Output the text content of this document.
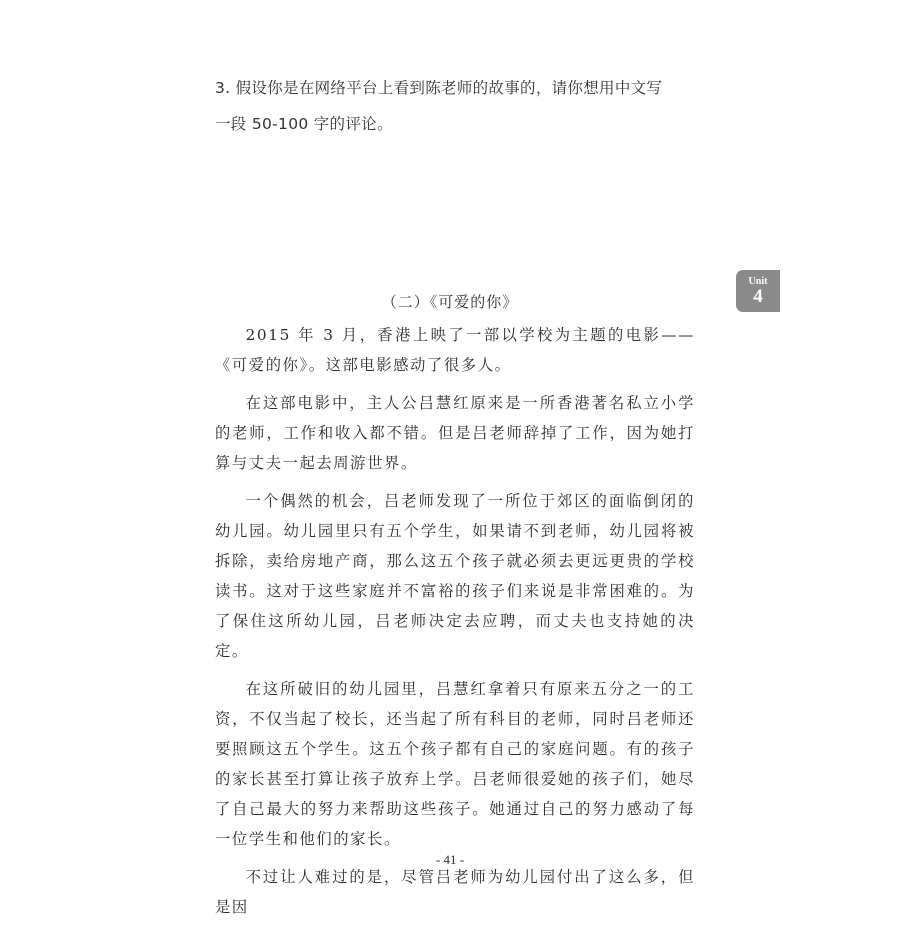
3. 假设你是在网络平台上看到陈老师的故事的，请你想用中文写

一段 50-100 字的评论。

Unit
4
（二）《可爱的你》

2015 年 3 月，香港上映了一部以学校为主题的电影——《可爱的你》。这部电影感动了很多人。

在这部电影中，主人公吕慧红原来是一所香港著名私立小学的老师，工作和收入都不错。但是吕老师辞掉了工作，因为她打算与丈夫一起去周游世界。

一个偶然的机会，吕老师发现了一所位于郊区的面临倒闭的幼儿园。幼儿园里只有五个学生，如果请不到老师，幼儿园将被拆除，卖给房地产商，那么这五个孩子就必须去更远更贵的学校读书。这对于这些家庭并不富裕的孩子们来说是非常困难的。为了保住这所幼儿园，吕老师决定去应聘，而丈夫也支持她的决定。

在这所破旧的幼儿园里，吕慧红拿着只有原来五分之一的工资，不仅当起了校长，还当起了所有科目的老师，同时吕老师还要照顾这五个学生。这五个孩子都有自己的家庭问题。有的孩子的家长甚至打算让孩子放弃上学。吕老师很爱她的孩子们，她尽了自己最大的努力来帮助这些孩子。她通过自己的努力感动了每一位学生和他们的家长。

不过让人难过的是，尽管吕老师为幼儿园付出了这么多，但是因

- 41 -
